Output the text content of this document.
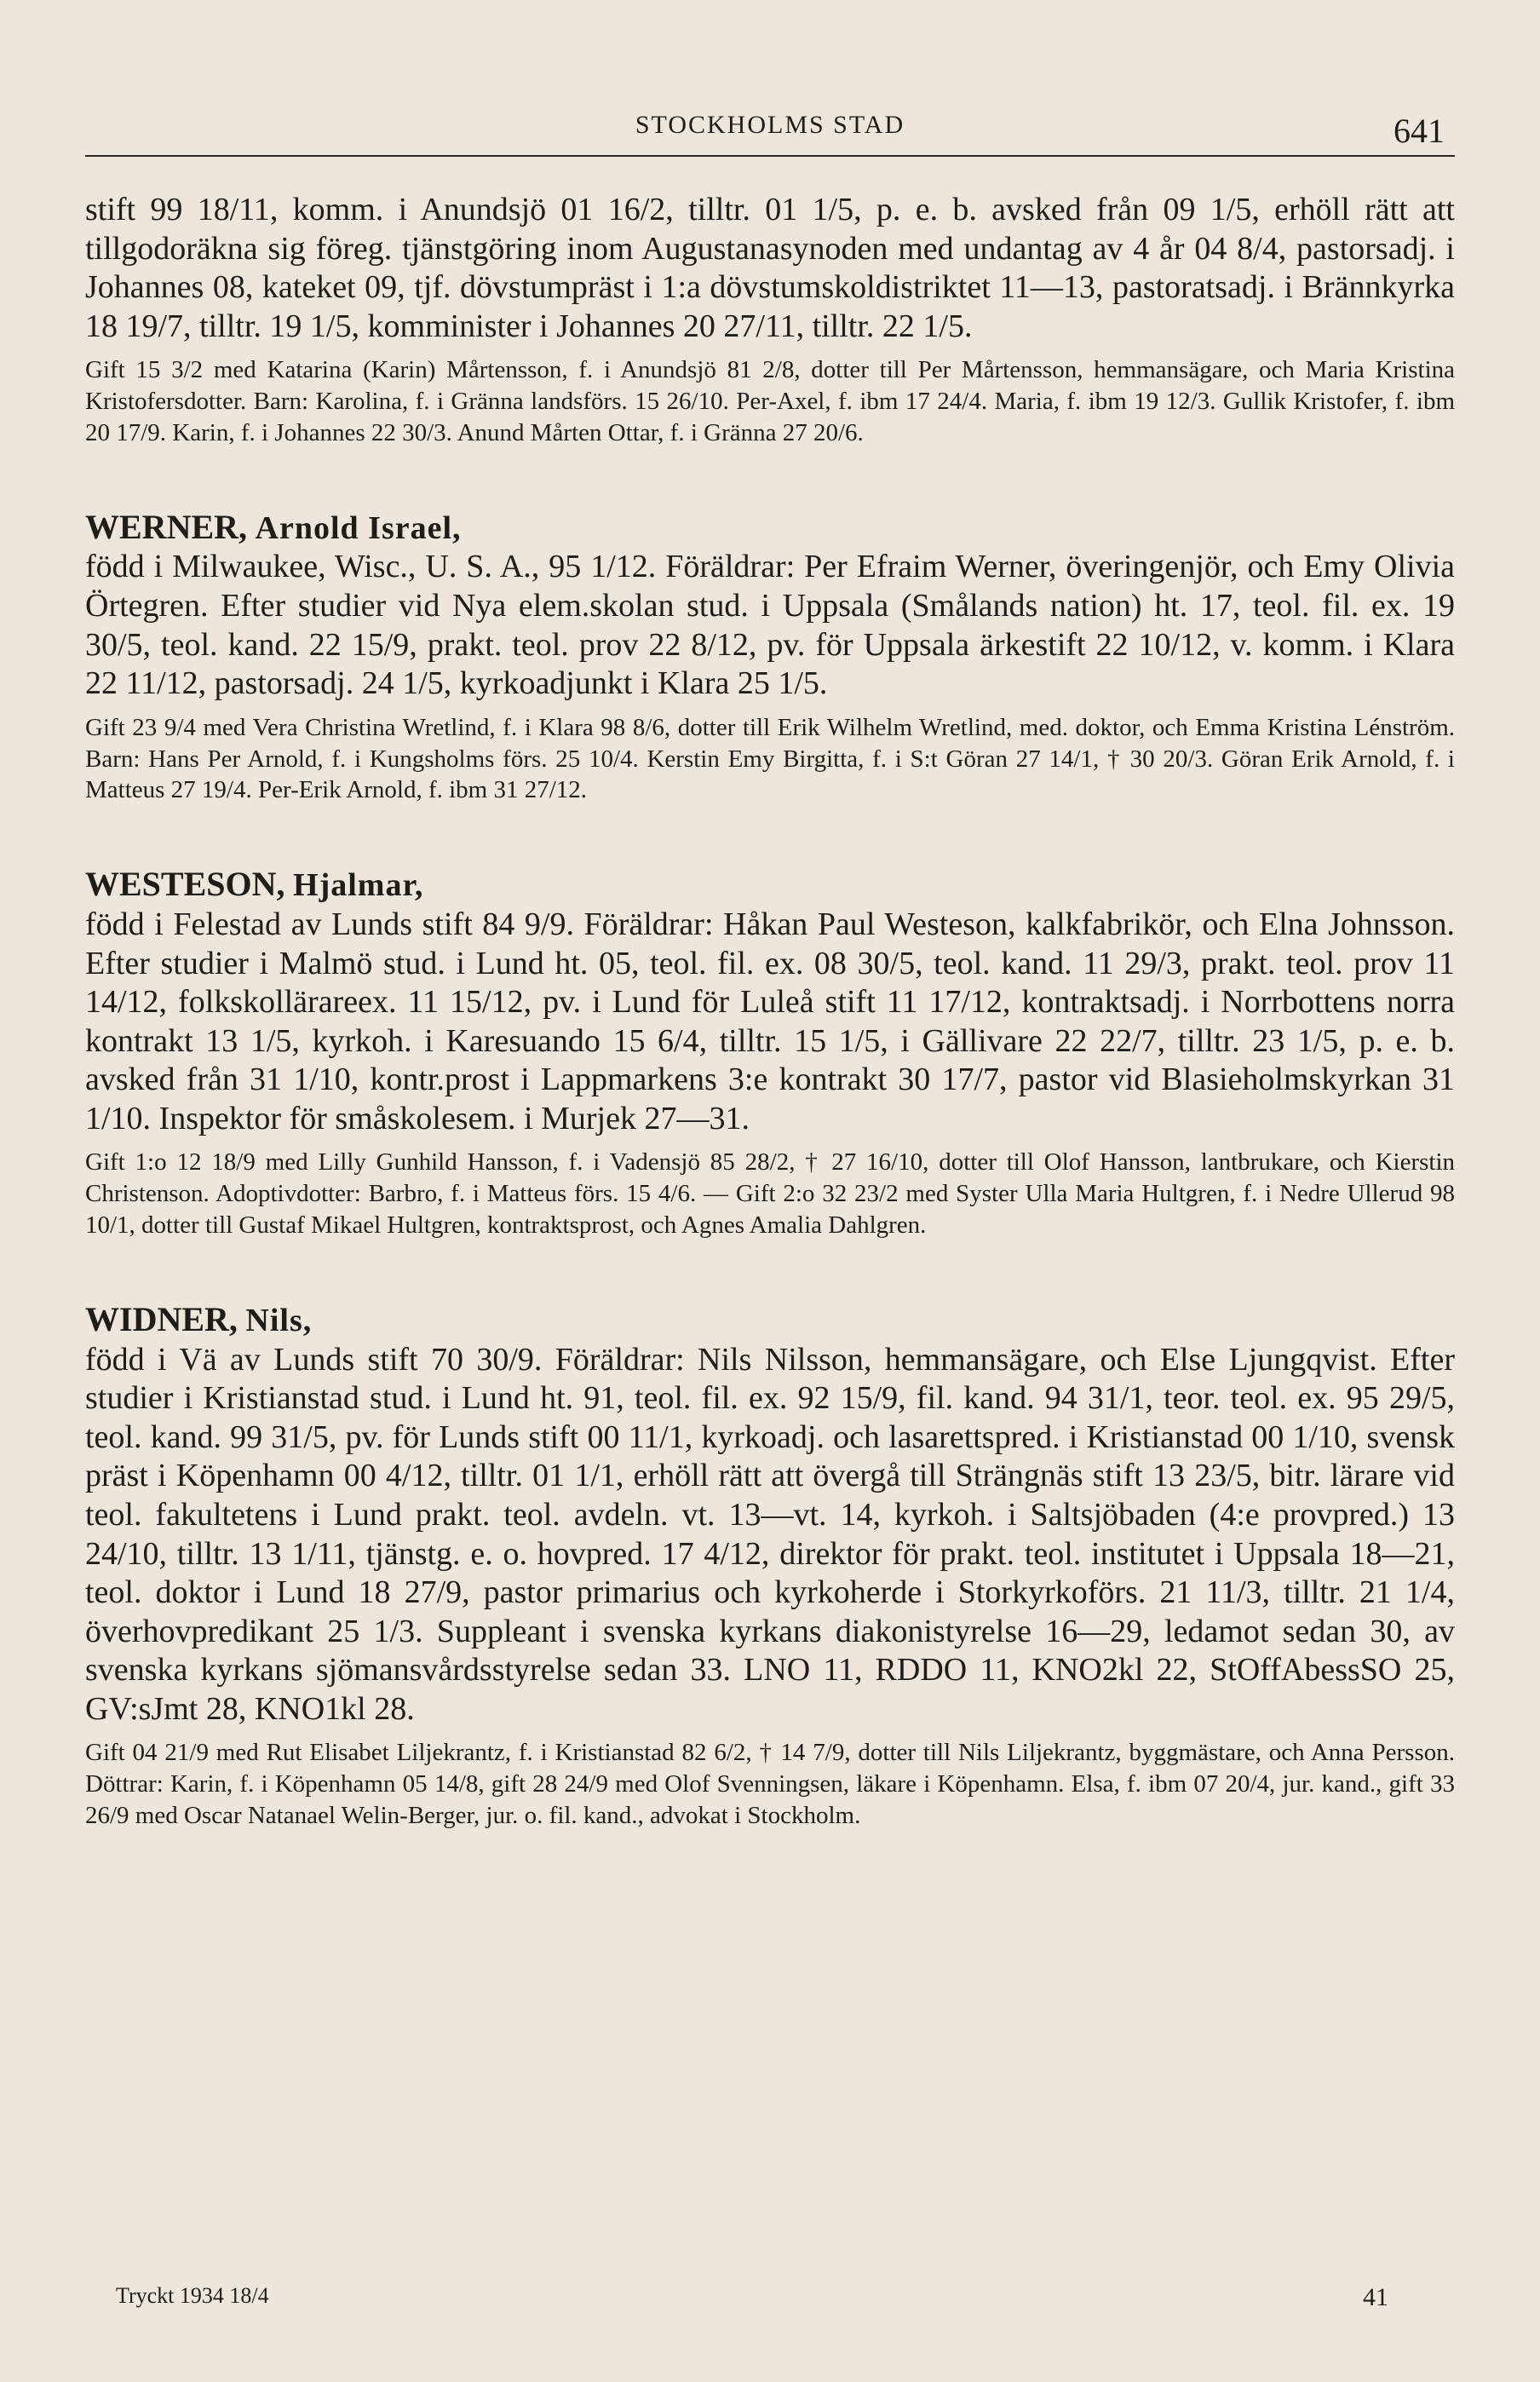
STOCKHOLMS STAD	641

stift 99 18/11, komm. i Anundsjö 01 16/2, tilltr. 01 1/5, p. e. b. avsked från 09 1/5, erhöll rätt att tillgodoräkna sig föreg. tjänstgöring inom Augustanasynoden med undantag av 4 år 04 8/4, pastorsadj. i Johannes 08, kateket 09, tjf. dövstumpräst i 1:a dövstumskoldistriktet 11—13, pastoratsadj. i Brännkyrka 18 19/7, tilltr. 19 1/5, komminister i Johannes 20 27/11, tilltr. 22 1/5.

Gift 15 3/2 med Katarina (Karin) Mårtensson, f. i Anundsjö 81 2/8, dotter till Per Mårtensson, hemmansägare, och Maria Kristina Kristofersdotter. Barn: Karolina, f. i Gränna landsförs. 15 26/10. Per-Axel, f. ibm 17 24/4. Maria, f. ibm 19 12/3. Gullik Kristofer, f. ibm 20 17/9. Karin, f. i Johannes 22 30/3. Anund Mårten Ottar, f. i Gränna 27 20/6.

WERNER, Arnold Israel,

född i Milwaukee, Wisc., U. S. A., 95 1/12. Föräldrar: Per Efraim Werner, överingenjör, och Emy Olivia Örtegren. Efter studier vid Nya elem.skolan stud. i Uppsala (Smålands nation) ht. 17, teol. fil. ex. 19 30/5, teol. kand. 22 15/9, prakt. teol. prov 22 8/12, pv. för Uppsala ärkestift 22 10/12, v. komm. i Klara 22 11/12, pastorsadj. 24 1/5, kyrkoadjunkt i Klara 25 1/5.

Gift 23 9/4 med Vera Christina Wretlind, f. i Klara 98 8/6, dotter till Erik Wilhelm Wretlind, med. doktor, och Emma Kristina Lénström. Barn: Hans Per Arnold, f. i Kungsholms förs. 25 10/4. Kerstin Emy Birgitta, f. i S:t Göran 27 14/1, † 30 20/3. Göran Erik Arnold, f. i Matteus 27 19/4. Per-Erik Arnold, f. ibm 31 27/12.

WESTESON, Hjalmar,

född i Felestad av Lunds stift 84 9/9. Föräldrar: Håkan Paul Westeson, kalkfabrikör, och Elna Johnsson. Efter studier i Malmö stud. i Lund ht. 05, teol. fil. ex. 08 30/5, teol. kand. 11 29/3, prakt. teol. prov 11 14/12, folkskollärareex. 11 15/12, pv. i Lund för Luleå stift 11 17/12, kontraktsadj. i Norrbottens norra kontrakt 13 1/5, kyrkoh. i Karesuando 15 6/4, tilltr. 15 1/5, i Gällivare 22 22/7, tilltr. 23 1/5, p. e. b. avsked från 31 1/10, kontr.prost i Lappmarkens 3:e kontrakt 30 17/7, pastor vid Blasieholmskyrkan 31 1/10. Inspektor för småskolesem. i Murjek 27—31.

Gift 1:o 12 18/9 med Lilly Gunhild Hansson, f. i Vadensjö 85 28/2, † 27 16/10, dotter till Olof Hansson, lantbrukare, och Kierstin Christenson. Adoptivdotter: Barbro, f. i Matteus förs. 15 4/6. — Gift 2:o 32 23/2 med Syster Ulla Maria Hultgren, f. i Nedre Ullerud 98 10/1, dotter till Gustaf Mikael Hultgren, kontraktsprost, och Agnes Amalia Dahlgren.

WIDNER, Nils,

född i Vä av Lunds stift 70 30/9. Föräldrar: Nils Nilsson, hemmansägare, och Else Ljungqvist. Efter studier i Kristianstad stud. i Lund ht. 91, teol. fil. ex. 92 15/9, fil. kand. 94 31/1, teor. teol. ex. 95 29/5, teol. kand. 99 31/5, pv. för Lunds stift 00 11/1, kyrkoadj. och lasarettspred. i Kristianstad 00 1/10, svensk präst i Köpenhamn 00 4/12, tilltr. 01 1/1, erhöll rätt att övergå till Strängnäs stift 13 23/5, bitr. lärare vid teol. fakultetens i Lund prakt. teol. avdeln. vt. 13—vt. 14, kyrkoh. i Saltsjöbaden (4:e provpred.) 13 24/10, tilltr. 13 1/11, tjänstg. e. o. hovpred. 17 4/12, direktor för prakt. teol. institutet i Uppsala 18—21, teol. doktor i Lund 18 27/9, pastor primarius och kyrkoherde i Storkyrkoförs. 21 11/3, tilltr. 21 1/4, överhovpredikant 25 1/3. Suppleant i svenska kyrkans diakonistyrelse 16—29, ledamot sedan 30, av svenska kyrkans sjömansvårdsstyrelse sedan 33. LNO 11, RDDO 11, KNO2kl 22, StOffAbessSO 25, GV:sJmt 28, KNO1kl 28.

Gift 04 21/9 med Rut Elisabet Liljekrantz, f. i Kristianstad 82 6/2, † 14 7/9, dotter till Nils Liljekrantz, byggmästare, och Anna Persson. Döttrar: Karin, f. i Köpenhamn 05 14/8, gift 28 24/9 med Olof Svenningsen, läkare i Köpenhamn. Elsa, f. ibm 07 20/4, jur. kand., gift 33 26/9 med Oscar Natanael Welin-Berger, jur. o. fil. kand., advokat i Stockholm.

Tryckt 1934 18/4	41
